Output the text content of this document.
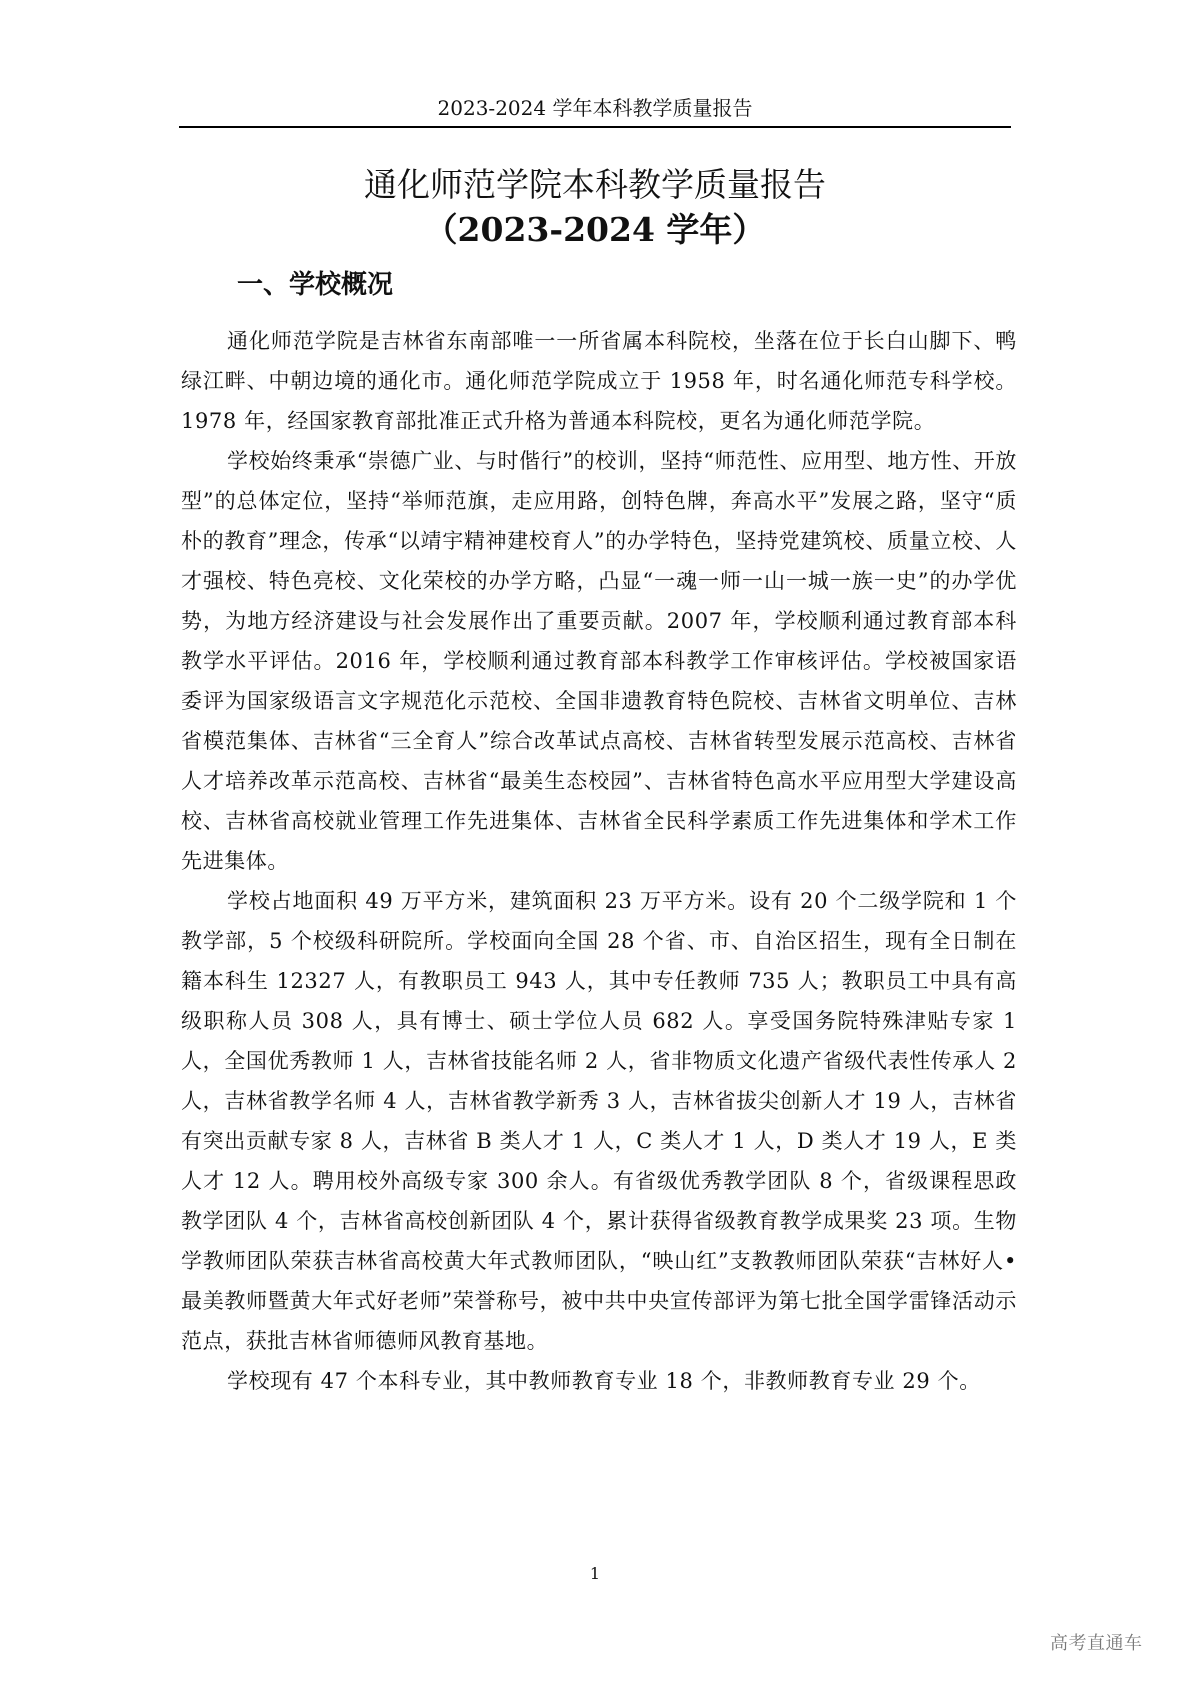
2023-2024 学年本科教学质量报告
通化师范学院本科教学质量报告
（2023-2024 学年）
一、学校概况

通化师范学院是吉林省东南部唯一一所省属本科院校，坐落在位于长白山脚下、鸭绿江畔、中朝边境的通化市。通化师范学院成立于 1958 年，时名通化师范专科学校。1978 年，经国家教育部批准正式升格为普通本科院校，更名为通化师范学院。

学校始终秉承“崇德广业、与时偕行”的校训，坚持“师范性、应用型、地方性、开放型”的总体定位，坚持“举师范旗，走应用路，创特色牌，奔高水平”发展之路，坚守“质朴的教育”理念，传承“以靖宇精神建校育人”的办学特色，坚持党建筑校、质量立校、人才强校、特色亮校、文化荣校的办学方略，凸显“一魂一师一山一城一族一史”的办学优势，为地方经济建设与社会发展作出了重要贡献。2007 年，学校顺利通过教育部本科教学水平评估。2016 年，学校顺利通过教育部本科教学工作审核评估。学校被国家语委评为国家级语言文字规范化示范校、全国非遗教育特色院校、吉林省文明单位、吉林省模范集体、吉林省“三全育人”综合改革试点高校、吉林省转型发展示范高校、吉林省人才培养改革示范高校、吉林省“最美生态校园”、吉林省特色高水平应用型大学建设高校、吉林省高校就业管理工作先进集体、吉林省全民科学素质工作先进集体和学术工作先进集体。

学校占地面积 49 万平方米，建筑面积 23 万平方米。设有 20 个二级学院和 1 个教学部，5 个校级科研院所。学校面向全国 28 个省、市、自治区招生，现有全日制在籍本科生 12327 人，有教职员工 943 人，其中专任教师 735 人；教职员工中具有高级职称人员 308 人，具有博士、硕士学位人员 682 人。享受国务院特殊津贴专家 1 人，全国优秀教师 1 人，吉林省技能名师 2 人，省非物质文化遗产省级代表性传承人 2 人，吉林省教学名师 4 人，吉林省教学新秀 3 人，吉林省拔尖创新人才 19 人，吉林省有突出贡献专家 8 人，吉林省 B 类人才 1 人，C 类人才 1 人，D 类人才 19 人，E 类人才 12 人。聘用校外高级专家 300 余人。有省级优秀教学团队 8 个，省级课程思政教学团队 4 个，吉林省高校创新团队 4 个，累计获得省级教育教学成果奖 23 项。生物学教师团队荣获吉林省高校黄大年式教师团队，“映山红”支教教师团队荣获“吉林好人•最美教师暨黄大年式好老师”荣誉称号，被中共中央宣传部评为第七批全国学雷锋活动示范点，获批吉林省师德师风教育基地。

学校现有 47 个本科专业，其中教师教育专业 18 个，非教师教育专业 29 个。

1
高考直通车
